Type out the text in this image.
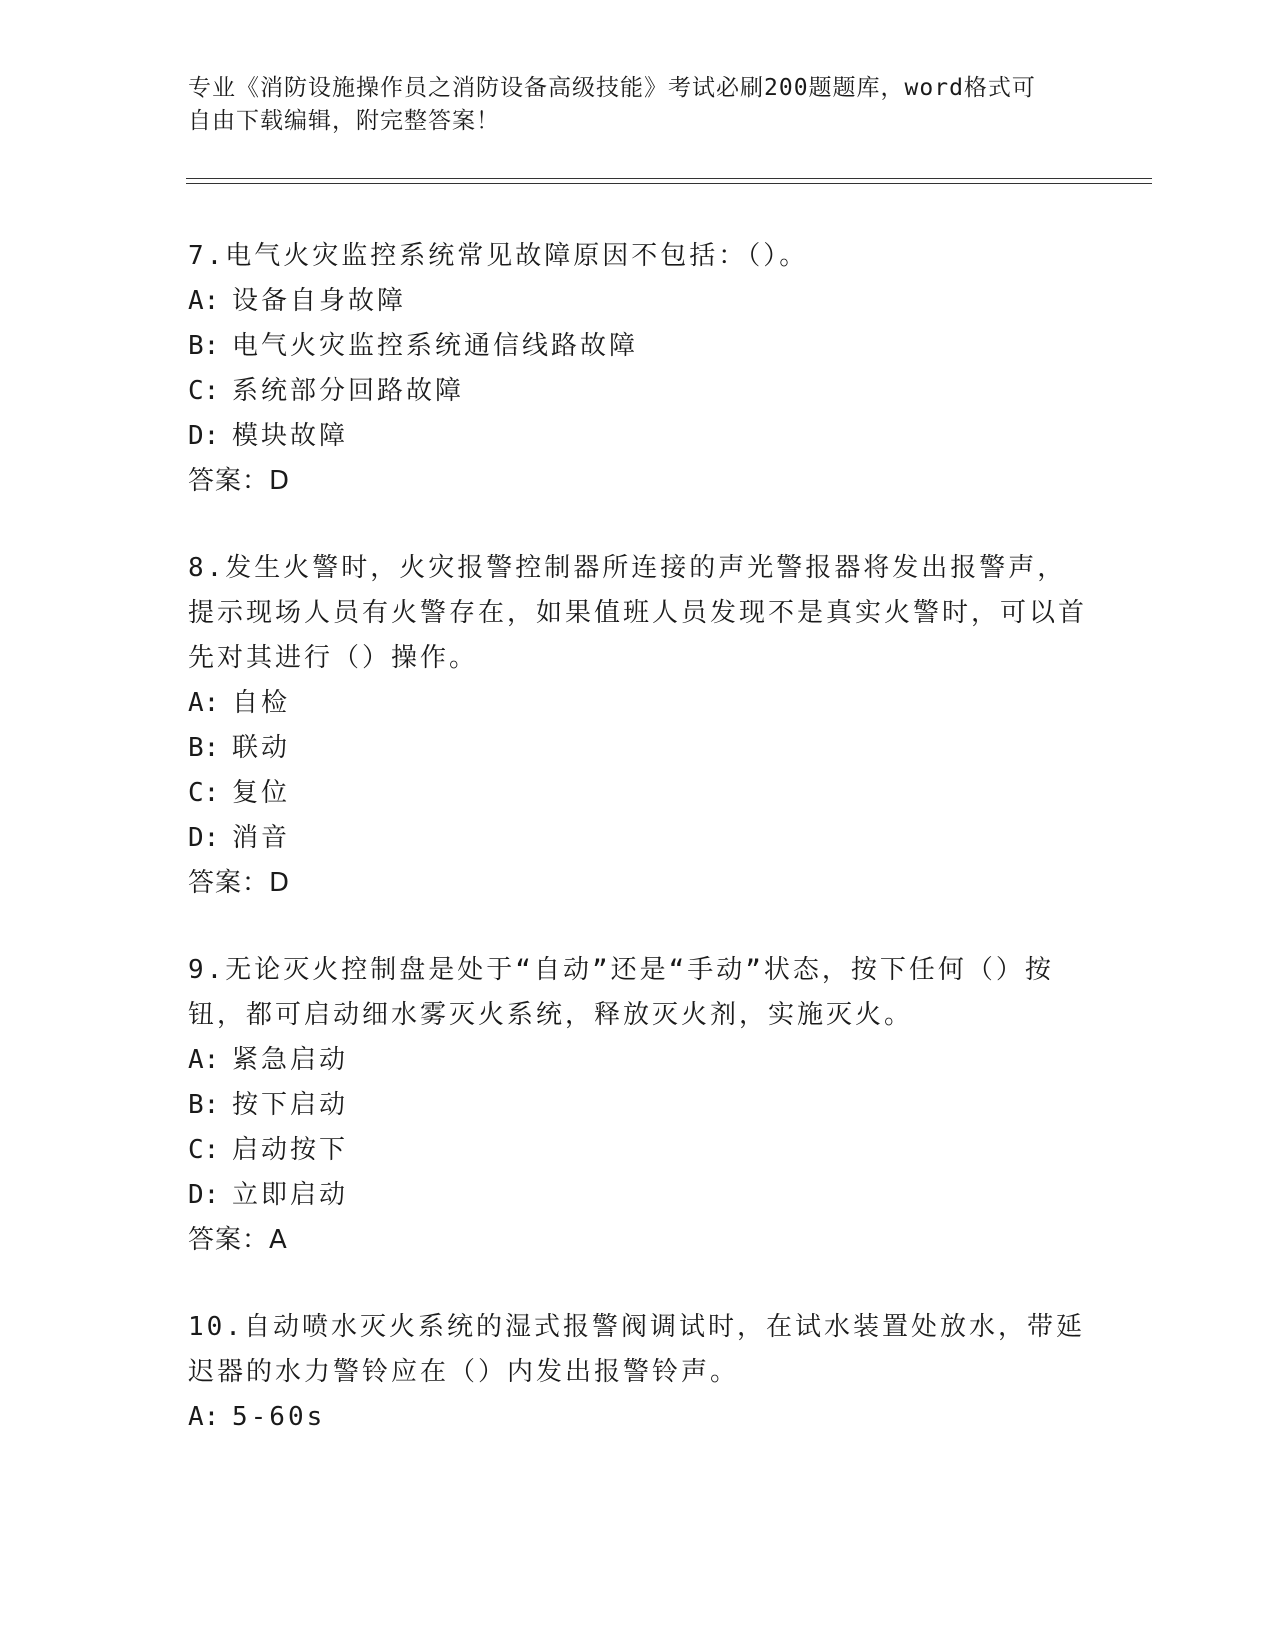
专业《消防设施操作员之消防设备高级技能》考试必刷200题题库，word格式可
自由下载编辑，附完整答案！
7.电气火灾监控系统常见故障原因不包括：（）。
A: 设备自身故障
B: 电气火灾监控系统通信线路故障
C: 系统部分回路故障
D: 模块故障
答案：D
8.发生火警时，火灾报警控制器所连接的声光警报器将发出报警声，提示现场人员有火警存在，如果值班人员发现不是真实火警时，可以首先对其进行（）操作。
A: 自检
B: 联动
C: 复位
D: 消音
答案：D
9.无论灭火控制盘是处于“自动”还是“手动”状态，按下任何（）按钮，都可启动细水雾灭火系统，释放灭火剂，实施灭火。
A: 紧急启动
B: 按下启动
C: 启动按下
D: 立即启动
答案：A
10.自动喷水灭火系统的湿式报警阀调试时，在试水装置处放水，带延迟器的水力警铃应在（）内发出报警铃声。
A: 5-60s
